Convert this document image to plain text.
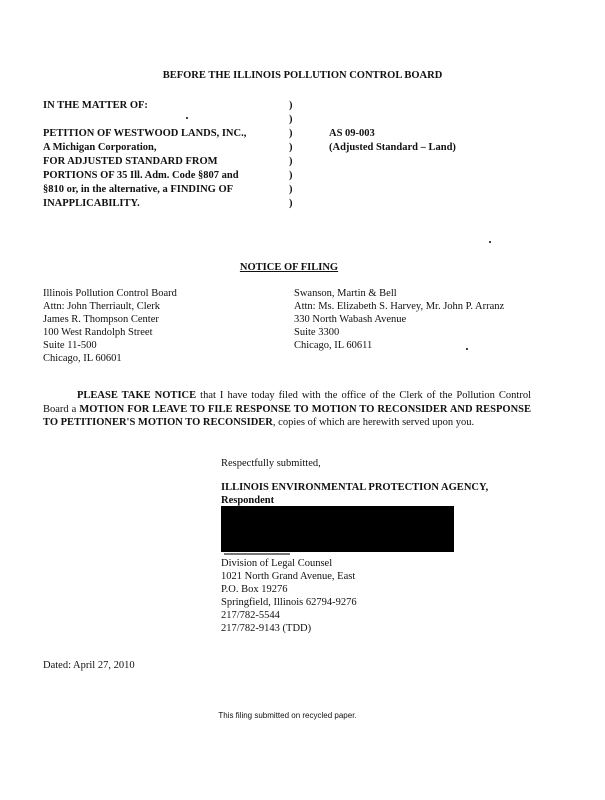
BEFORE THE ILLINOIS POLLUTION CONTROL BOARD
IN THE MATTER OF:
PETITION OF WESTWOOD LANDS, INC.,
A Michigan Corporation,
FOR ADJUSTED STANDARD FROM
PORTIONS OF 35 Ill. Adm. Code §807 and
§810 or, in the alternative, a FINDING OF
INAPPLICABILITY.
)
)
)
)
)
)
)
)
AS 09-003
(Adjusted Standard – Land)
NOTICE OF FILING
Illinois Pollution Control Board
Attn: John Therriault, Clerk
James R. Thompson Center
100 West Randolph Street
Suite 11-500
Chicago, IL 60601
Swanson, Martin & Bell
Attn: Ms. Elizabeth S. Harvey, Mr. John P. Arranz
330 North Wabash Avenue
Suite 3300
Chicago, IL 60611
PLEASE TAKE NOTICE that I have today filed with the office of the Clerk of the Pollution Control Board a MOTION FOR LEAVE TO FILE RESPONSE TO MOTION TO RECONSIDER AND RESPONSE TO PETITIONER'S MOTION TO RECONSIDER, copies of which are herewith served upon you.
Respectfully submitted,
ILLINOIS ENVIRONMENTAL PROTECTION AGENCY,
Respondent
Division of Legal Counsel
1021 North Grand Avenue, East
P.O. Box 19276
Springfield, Illinois 62794-9276
217/782-5544
217/782-9143 (TDD)
Dated: April 27, 2010
This filing submitted on recycled paper.
